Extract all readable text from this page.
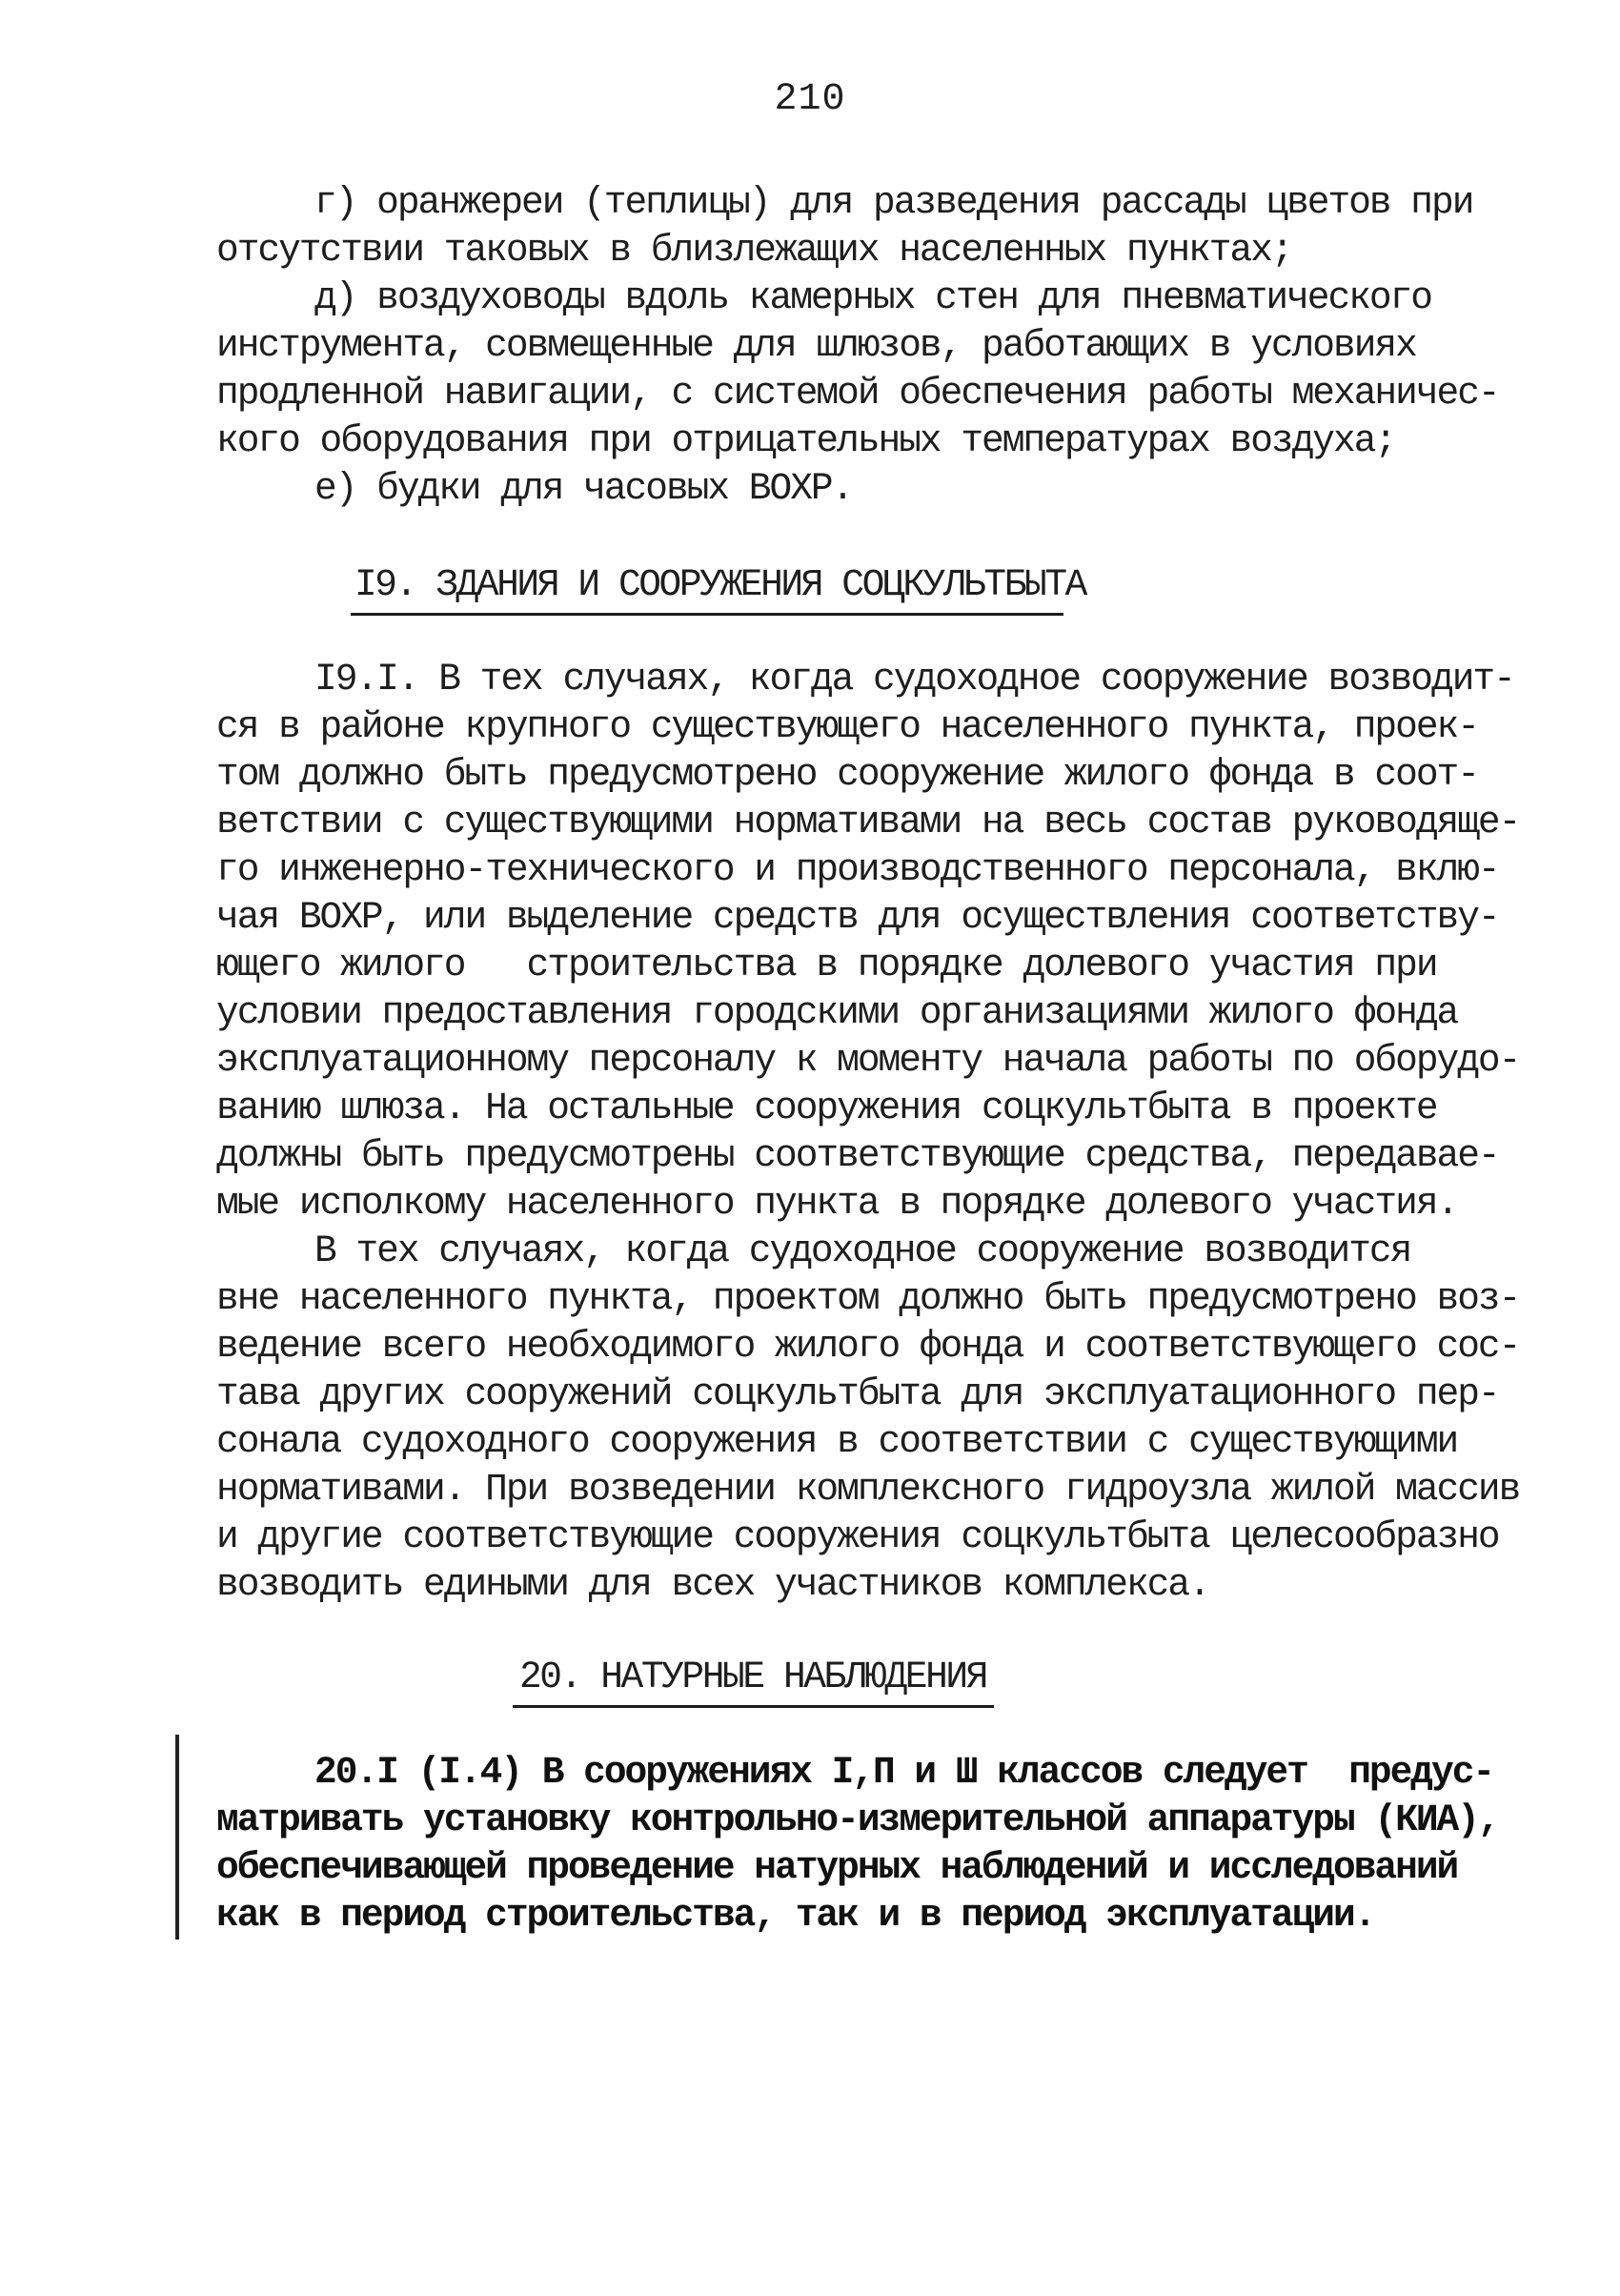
210
г) оранжереи (теплицы) для разведения рассады цветов при
отсутствии таковых в близлежащих населенных пунктах;
д) воздуховоды вдоль камерных стен для пневматического
инструмента, совмещенные для шлюзов, работающих в условиях
продленной навигации, с системой обеспечения работы механичес-
кого оборудования при отрицательных температурах воздуха;
е) будки для часовых ВОХР.
I9. ЗДАНИЯ И СООРУЖЕНИЯ СОЦКУЛЬТБЫТА
I9.I. В тех случаях, когда судоходное сооружение возводит-
ся в районе крупного существующего населенного пункта, проек-
том должно быть предусмотрено сооружение жилого фонда в соот-
ветствии с существующими нормативами на весь состав руководяще-
го инженерно-технического и производственного персонала, вклю-
чая ВОХР, или выделение средств для осуществления соответству-
ющего жилого   строительства в порядке долевого участия при
условии предоставления городскими организациями жилого фонда
эксплуатационному персоналу к моменту начала работы по оборудо-
ванию шлюза. На остальные сооружения соцкультбыта в проекте
должны быть предусмотрены соответствующие средства, передавае-
мые исполкому населенного пункта в порядке долевого участия.
В тех случаях, когда судоходное сооружение возводится
вне населенного пункта, проектом должно быть предусмотрено воз-
ведение всего необходимого жилого фонда и соответствующего сос-
тава других сооружений соцкультбыта для эксплуатационного пер-
сонала судоходного сооружения в соответствии с существующими
нормативами. При возведении комплексного гидроузла жилой массив
и другие соответствующие сооружения соцкультбыта целесообразно
возводить едиными для всех участников комплекса.
20. НАТУРНЫЕ НАБЛЮДЕНИЯ
20.I (I.4) В сооружениях I,П и Ш классов следует  предус-
матривать установку контрольно-измерительной аппаратуры (КИА),
обеспечивающей проведение натурных наблюдений и исследований
как в период строительства, так и в период эксплуатации.
